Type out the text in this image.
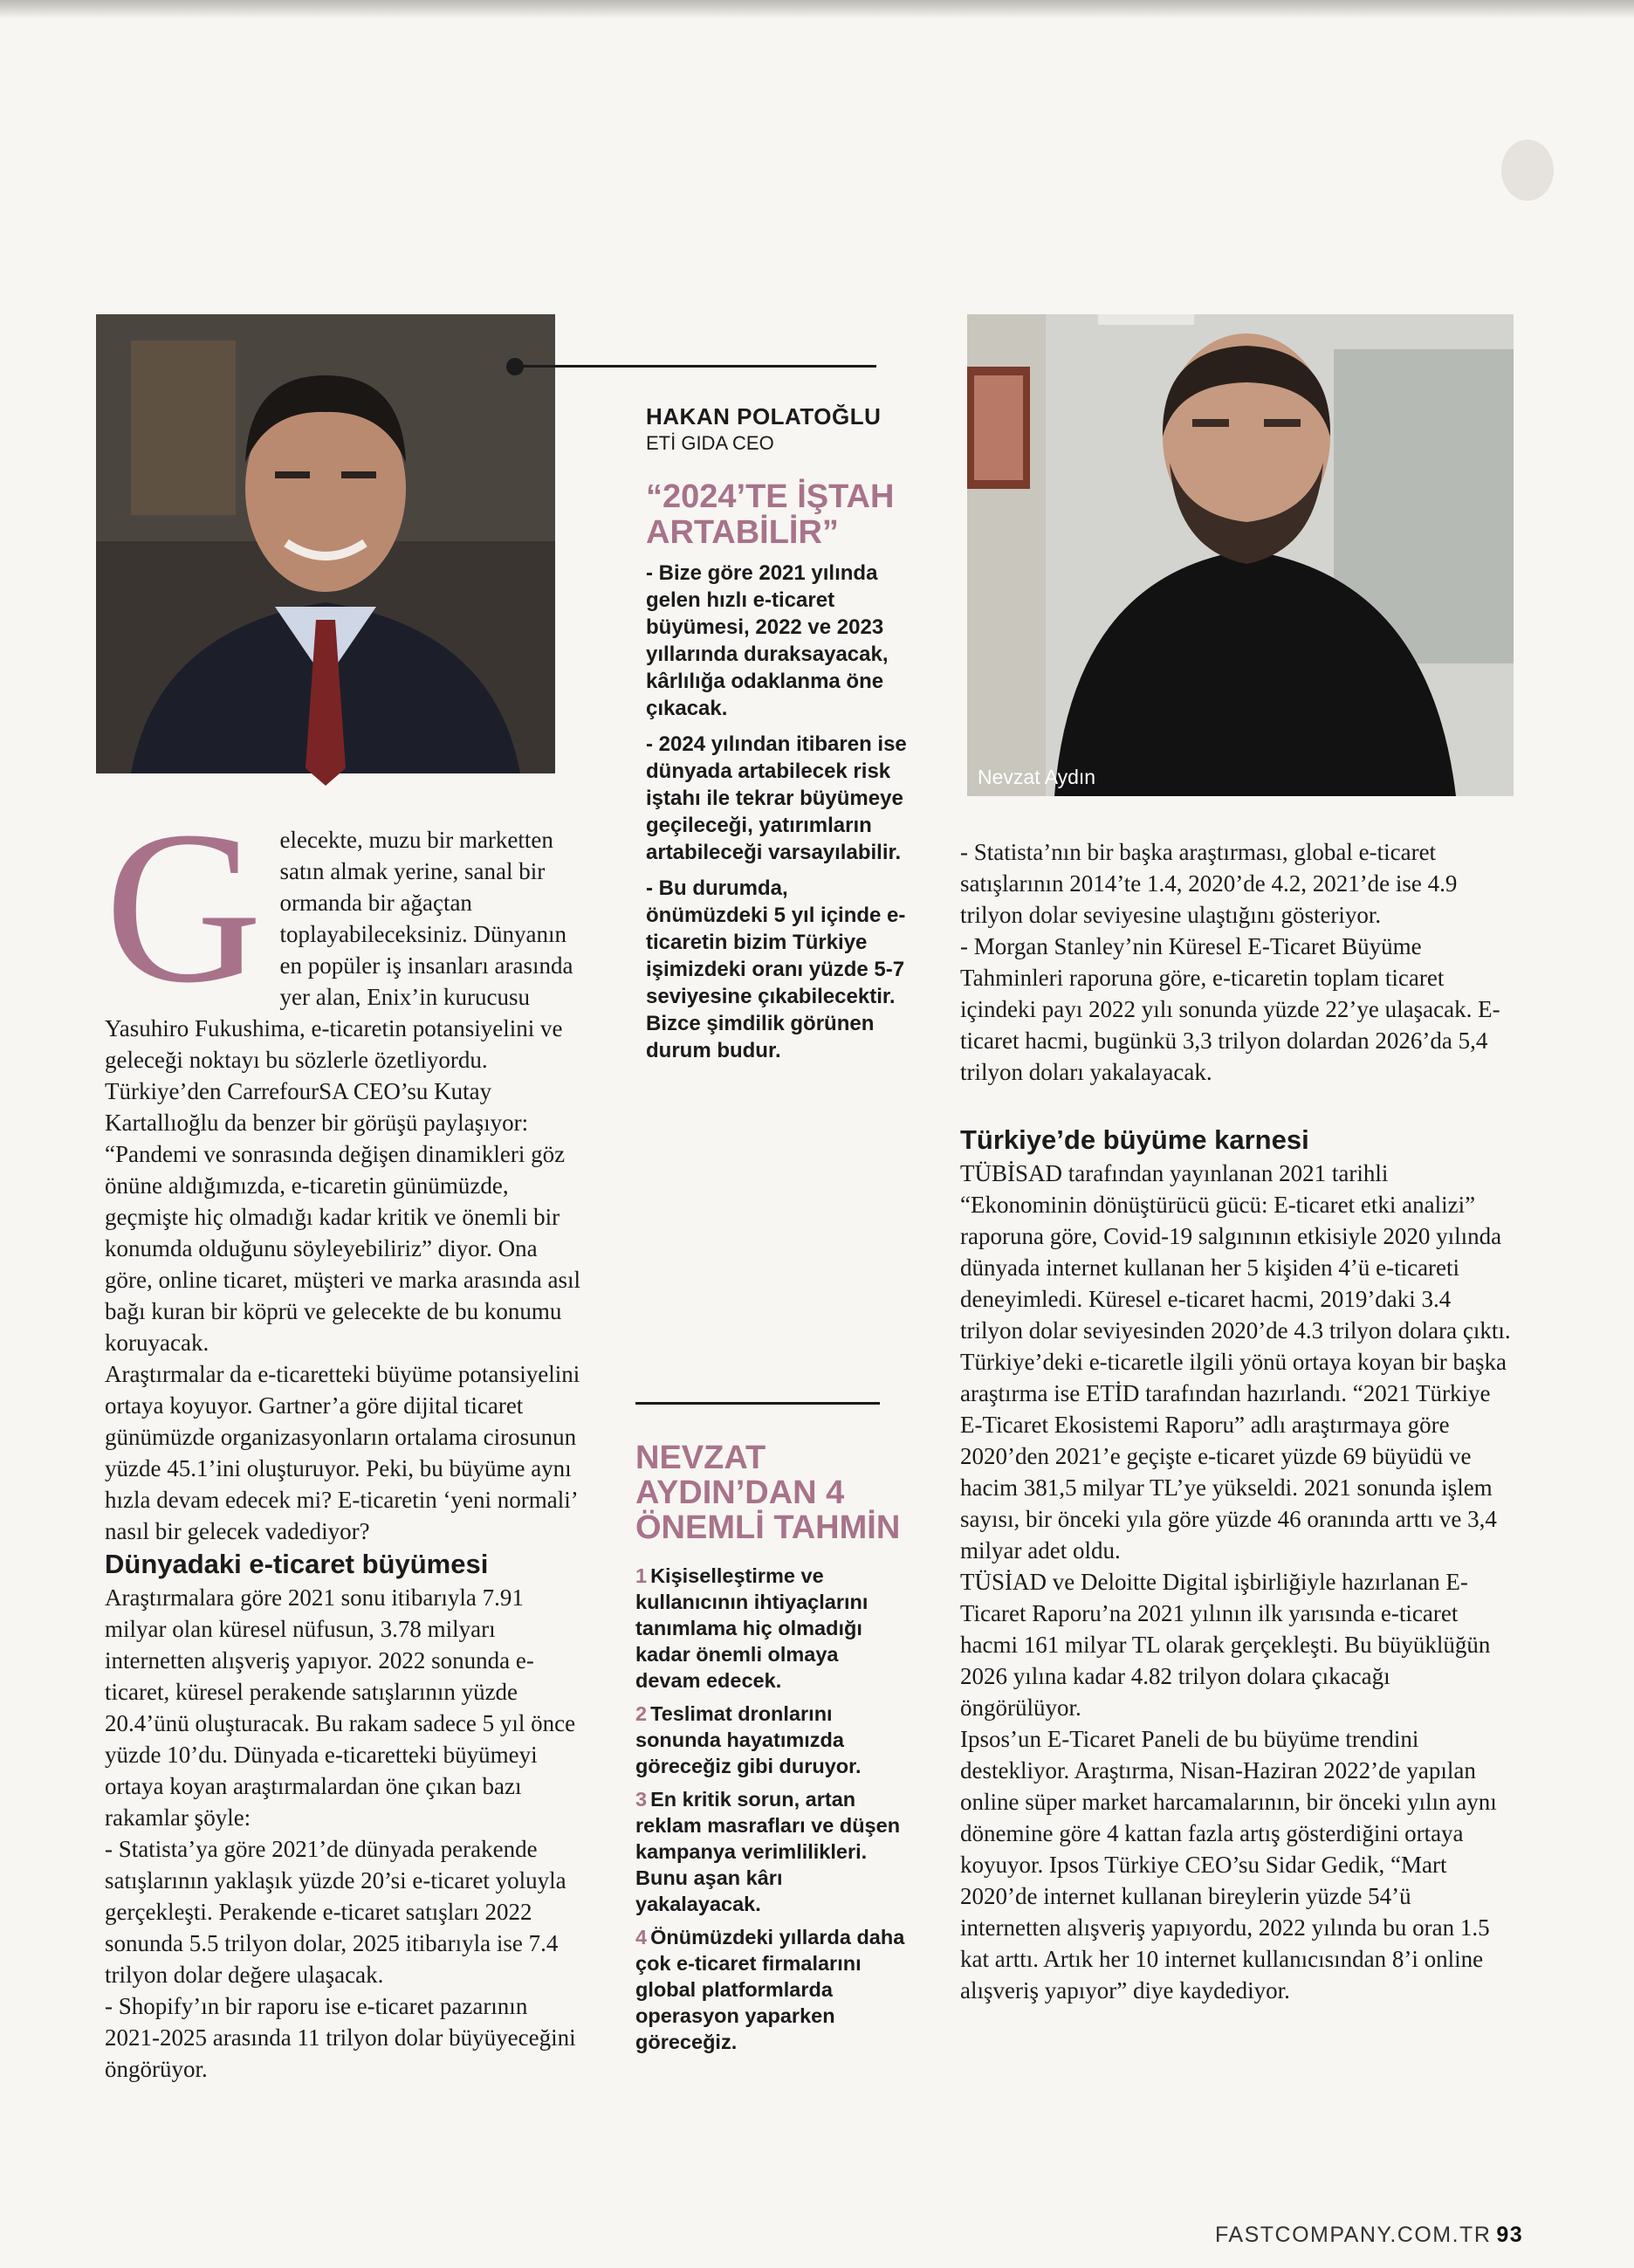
Nevzat Aydın

HAKAN POLATOĞLU

ETİ GIDA CEO

“2024’TE İŞTAH ARTABİLİR”

- Bize göre 2021 yılında gelen hızlı e-ticaret büyümesi, 2022 ve 2023 yıllarında duraksayacak, kârlılığa odaklanma öne çıkacak.

- 2024 yılından itibaren ise dünyada artabilecek risk iştahı ile tekrar büyümeye geçileceği, yatırımların artabileceği varsayılabilir.

- Bu durumda, önümüzdeki 5 yıl içinde e-ticaretin bizim Türkiye işimizdeki oranı yüzde 5-7 seviyesine çıkabilecektir. Bizce şimdilik görünen durum budur.

NEVZAT AYDIN’DAN 4 ÖNEMLİ TAHMİN

1 Kişiselleştirme ve kullanıcının ihtiyaçlarını tanımlama hiç olmadığı kadar önemli olmaya devam edecek.

2 Teslimat dronlarını sonunda hayatımızda göreceğiz gibi duruyor.

3 En kritik sorun, artan reklam masrafları ve düşen kampanya verimlilikleri. Bunu aşan kârı yakalayacak.

4 Önümüzdeki yıllarda daha çok e-ticaret firmalarını global platformlarda operasyon yaparken göreceğiz.

G elecekte, muzu bir marketten satın almak yerine, sanal bir ormanda bir ağaçtan toplayabileceksiniz. Dünyanın en popüler iş insanları arasında yer alan, Enix’in kurucusu Yasuhiro Fukushima, e-ticaretin potansiyelini ve geleceği noktayı bu sözlerle özetliyordu.

Türkiye’den CarrefourSA CEO’su Kutay Kartallıoğlu da benzer bir görüşü paylaşıyor: “Pandemi ve sonrasında değişen dinamikleri göz önüne aldığımızda, e-ticaretin günümüzde, geçmişte hiç olmadığı kadar kritik ve önemli bir konumda olduğunu söyleyebiliriz” diyor. Ona göre, online ticaret, müşteri ve marka arasında asıl bağı kuran bir köprü ve gelecekte de bu konumu koruyacak.

Araştırmalar da e-ticaretteki büyüme potansiyelini ortaya koyuyor. Gartner’a göre dijital ticaret günümüzde organizasyonların ortalama cirosunun yüzde 45.1’ini oluşturuyor. Peki, bu büyüme aynı hızla devam edecek mi? E-ticaretin ‘yeni normali’ nasıl bir gelecek vadediyor?

Dünyadaki e-ticaret büyümesi

Araştırmalara göre 2021 sonu itibarıyla 7.91 milyar olan küresel nüfusun, 3.78 milyarı internetten alışveriş yapıyor. 2022 sonunda e-ticaret, küresel perakende satışlarının yüzde 20.4’ünü oluşturacak. Bu rakam sadece 5 yıl önce yüzde 10’du. Dünyada e-ticaretteki büyümeyi ortaya koyan araştırmalardan öne çıkan bazı rakamlar şöyle:

- Statista’ya göre 2021’de dünyada perakende satışlarının yaklaşık yüzde 20’si e-ticaret yoluyla gerçekleşti. Perakende e-ticaret satışları 2022 sonunda 5.5 trilyon dolar, 2025 itibarıyla ise 7.4 trilyon dolar değere ulaşacak.

- Shopify’ın bir raporu ise e-ticaret pazarının 2021-2025 arasında 11 trilyon dolar büyüyeceğini öngörüyor.

- Statista’nın bir başka araştırması, global e-ticaret satışlarının 2014’te 1.4, 2020’de 4.2, 2021’de ise 4.9 trilyon dolar seviyesine ulaştığını gösteriyor.

- Morgan Stanley’nin Küresel E-Ticaret Büyüme Tahminleri raporuna göre, e-ticaretin toplam ticaret içindeki payı 2022 yılı sonunda yüzde 22’ye ulaşacak. E-ticaret hacmi, bugünkü 3,3 trilyon dolardan 2026’da 5,4 trilyon doları yakalayacak.

Türkiye’de büyüme karnesi

TÜBİSAD tarafından yayınlanan 2021 tarihli “Ekonominin dönüştürücü gücü: E-ticaret etki analizi” raporuna göre, Covid-19 salgınının etkisiyle 2020 yılında dünyada internet kullanan her 5 kişiden 4’ü e-ticareti deneyimledi. Küresel e-ticaret hacmi, 2019’daki 3.4 trilyon dolar seviyesinden 2020’de 4.3 trilyon dolara çıktı.

Türkiye’deki e-ticaretle ilgili yönü ortaya koyan bir başka araştırma ise ETİD tarafından hazırlandı. “2021 Türkiye E-Ticaret Ekosistemi Raporu” adlı araştırmaya göre 2020’den 2021’e geçişte e-ticaret yüzde 69 büyüdü ve hacim 381,5 milyar TL’ye yükseldi. 2021 sonunda işlem sayısı, bir önceki yıla göre yüzde 46 oranında arttı ve 3,4 milyar adet oldu.

TÜSİAD ve Deloitte Digital işbirliğiyle hazırlanan E-Ticaret Raporu’na 2021 yılının ilk yarısında e-ticaret hacmi 161 milyar TL olarak gerçekleşti. Bu büyüklüğün 2026 yılına kadar 4.82 trilyon dolara çıkacağı öngörülüyor.

Ipsos’un E-Ticaret Paneli de bu büyüme trendini destekliyor. Araştırma, Nisan-Haziran 2022’de yapılan online süper market harcamalarının, bir önceki yılın aynı dönemine göre 4 kattan fazla artış gösterdiğini ortaya koyuyor. Ipsos Türkiye CEO’su Sidar Gedik, “Mart 2020’de internet kullanan bireylerin yüzde 54’ü internetten alışveriş yapıyordu, 2022 yılında bu oran 1.5 kat arttı. Artık her 10 internet kullanıcısından 8’i online alışveriş yapıyor” diye kaydediyor.

FASTCOMPANY.COM.TR 93
